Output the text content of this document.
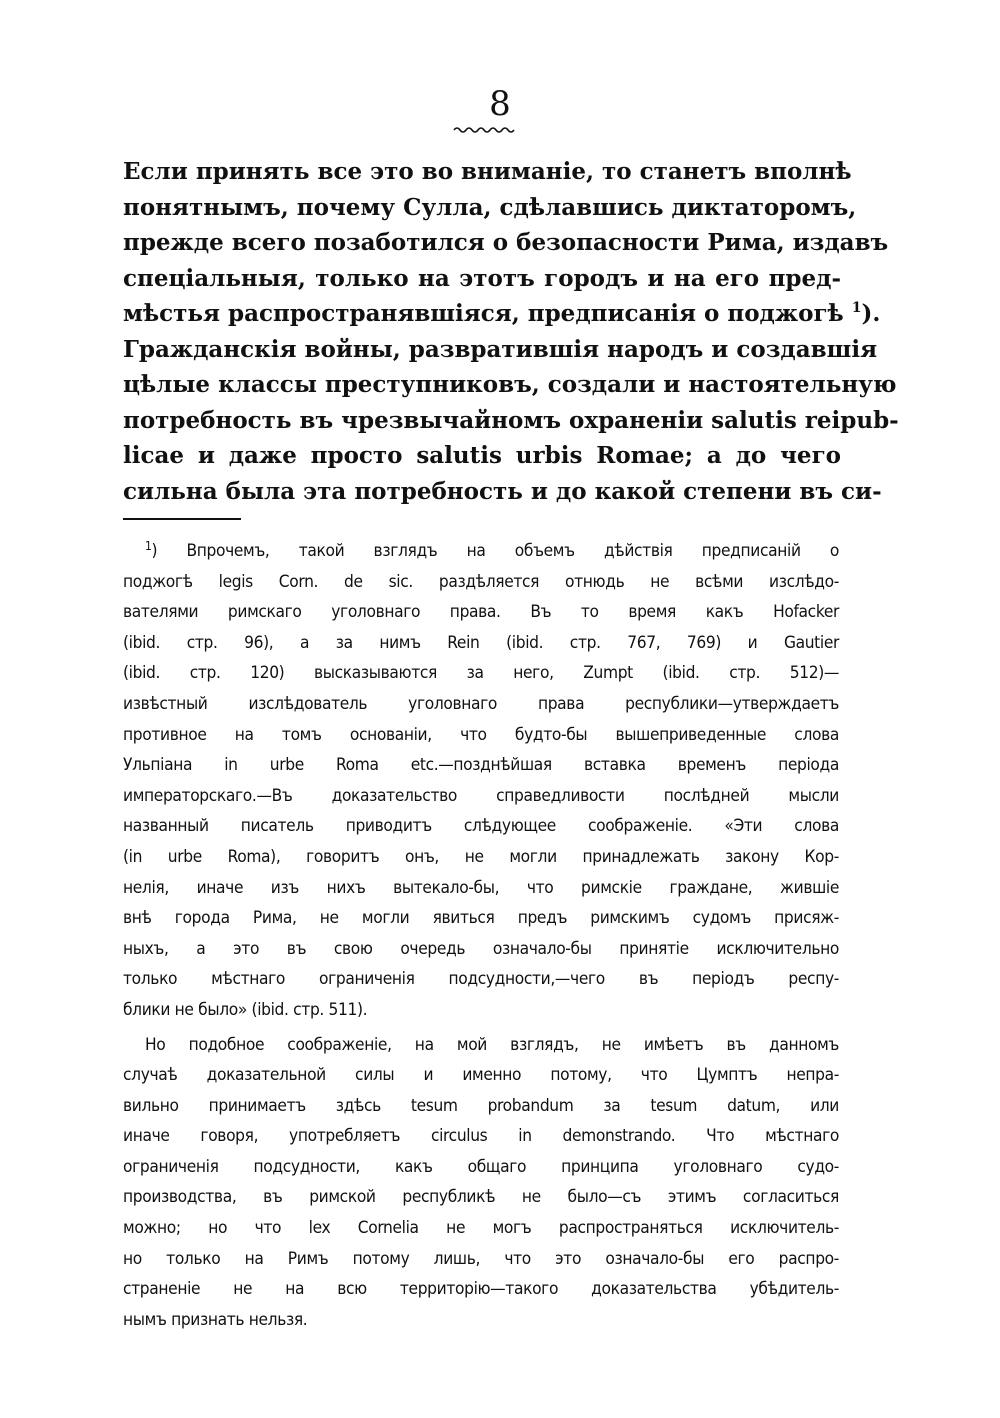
8
Если принять все это во вниманіе, то станетъ вполнѣ
понятнымъ, почему Сулла, сдѣлавшись диктаторомъ,
прежде всего позаботился о безопасности Рима, издавъ
спеціальныя, только на этотъ городъ и на его пред-
мѣстья распространявшіяся, предписанія о поджогѣ $^1$).
Гражданскія войны, развратившія народъ и создавшія
цѣлые классы преступниковъ, создали и настоятельную
потребность въ чрезвычайномъ охраненіи salutis reipub-
licae и даже просто salutis urbis Romae; а до чего
сильна была эта потребность и до какой степени въ си-
$^1$) Впрочемъ, такой взглядъ на объемъ дѣйствія предписаній о
поджогѣ legis Corn. de sic. раздѣляется отнюдь не всѣми изслѣдо-
вателями римскаго уголовнаго права. Въ то время какъ Hofacker
(ibid. стр. 96), а за нимъ Rein (ibid. стр. 767, 769) и Gautier
(ibid. стр. 120) высказываются за него, Zumpt (ibid. стр. 512)—
извѣстный изслѣдователь уголовнаго права республики—утверждаетъ
противное на томъ основаніи, что будто-бы вышеприведенные слова
Ульпіана in urbe Roma etc.—позднѣйшая вставка временъ періода
императорскаго.—Въ доказательство справедливости послѣдней мысли
названный писатель приводитъ слѣдующее соображеніе. «Эти слова
(in urbe Roma), говоритъ онъ, не могли принадлежать закону Кор-
нелія, иначе изъ нихъ вытекало-бы, что римскіе граждане, жившіе
внѣ города Рима, не могли явиться предъ римскимъ судомъ присяж-
ныхъ, а это въ свою очередь означало-бы принятіе исключительно
только мѣстнаго ограниченія подсудности,—чего въ періодъ респу-
блики не было» (ibid. стр. 511).
Но подобное соображеніе, на мой взглядъ, не имѣетъ въ данномъ
случаѣ доказательной силы и именно потому, что Цумптъ непра-
вильно принимаетъ здѣсь tesum probandum за tesum datum, или
иначе говоря, употребляетъ circulus in demonstrando. Что мѣстнаго
ограниченія подсудности, какъ общаго принципа уголовнаго судо-
производства, въ римской республикѣ не было—съ этимъ согласиться
можно; но что lex Cornelia не могъ распространяться исключитель-
но только на Римъ потому лишь, что это означало-бы его распро-
страненіе не на всю территорію—такого доказательства убѣдитель-
нымъ признать нельзя.
